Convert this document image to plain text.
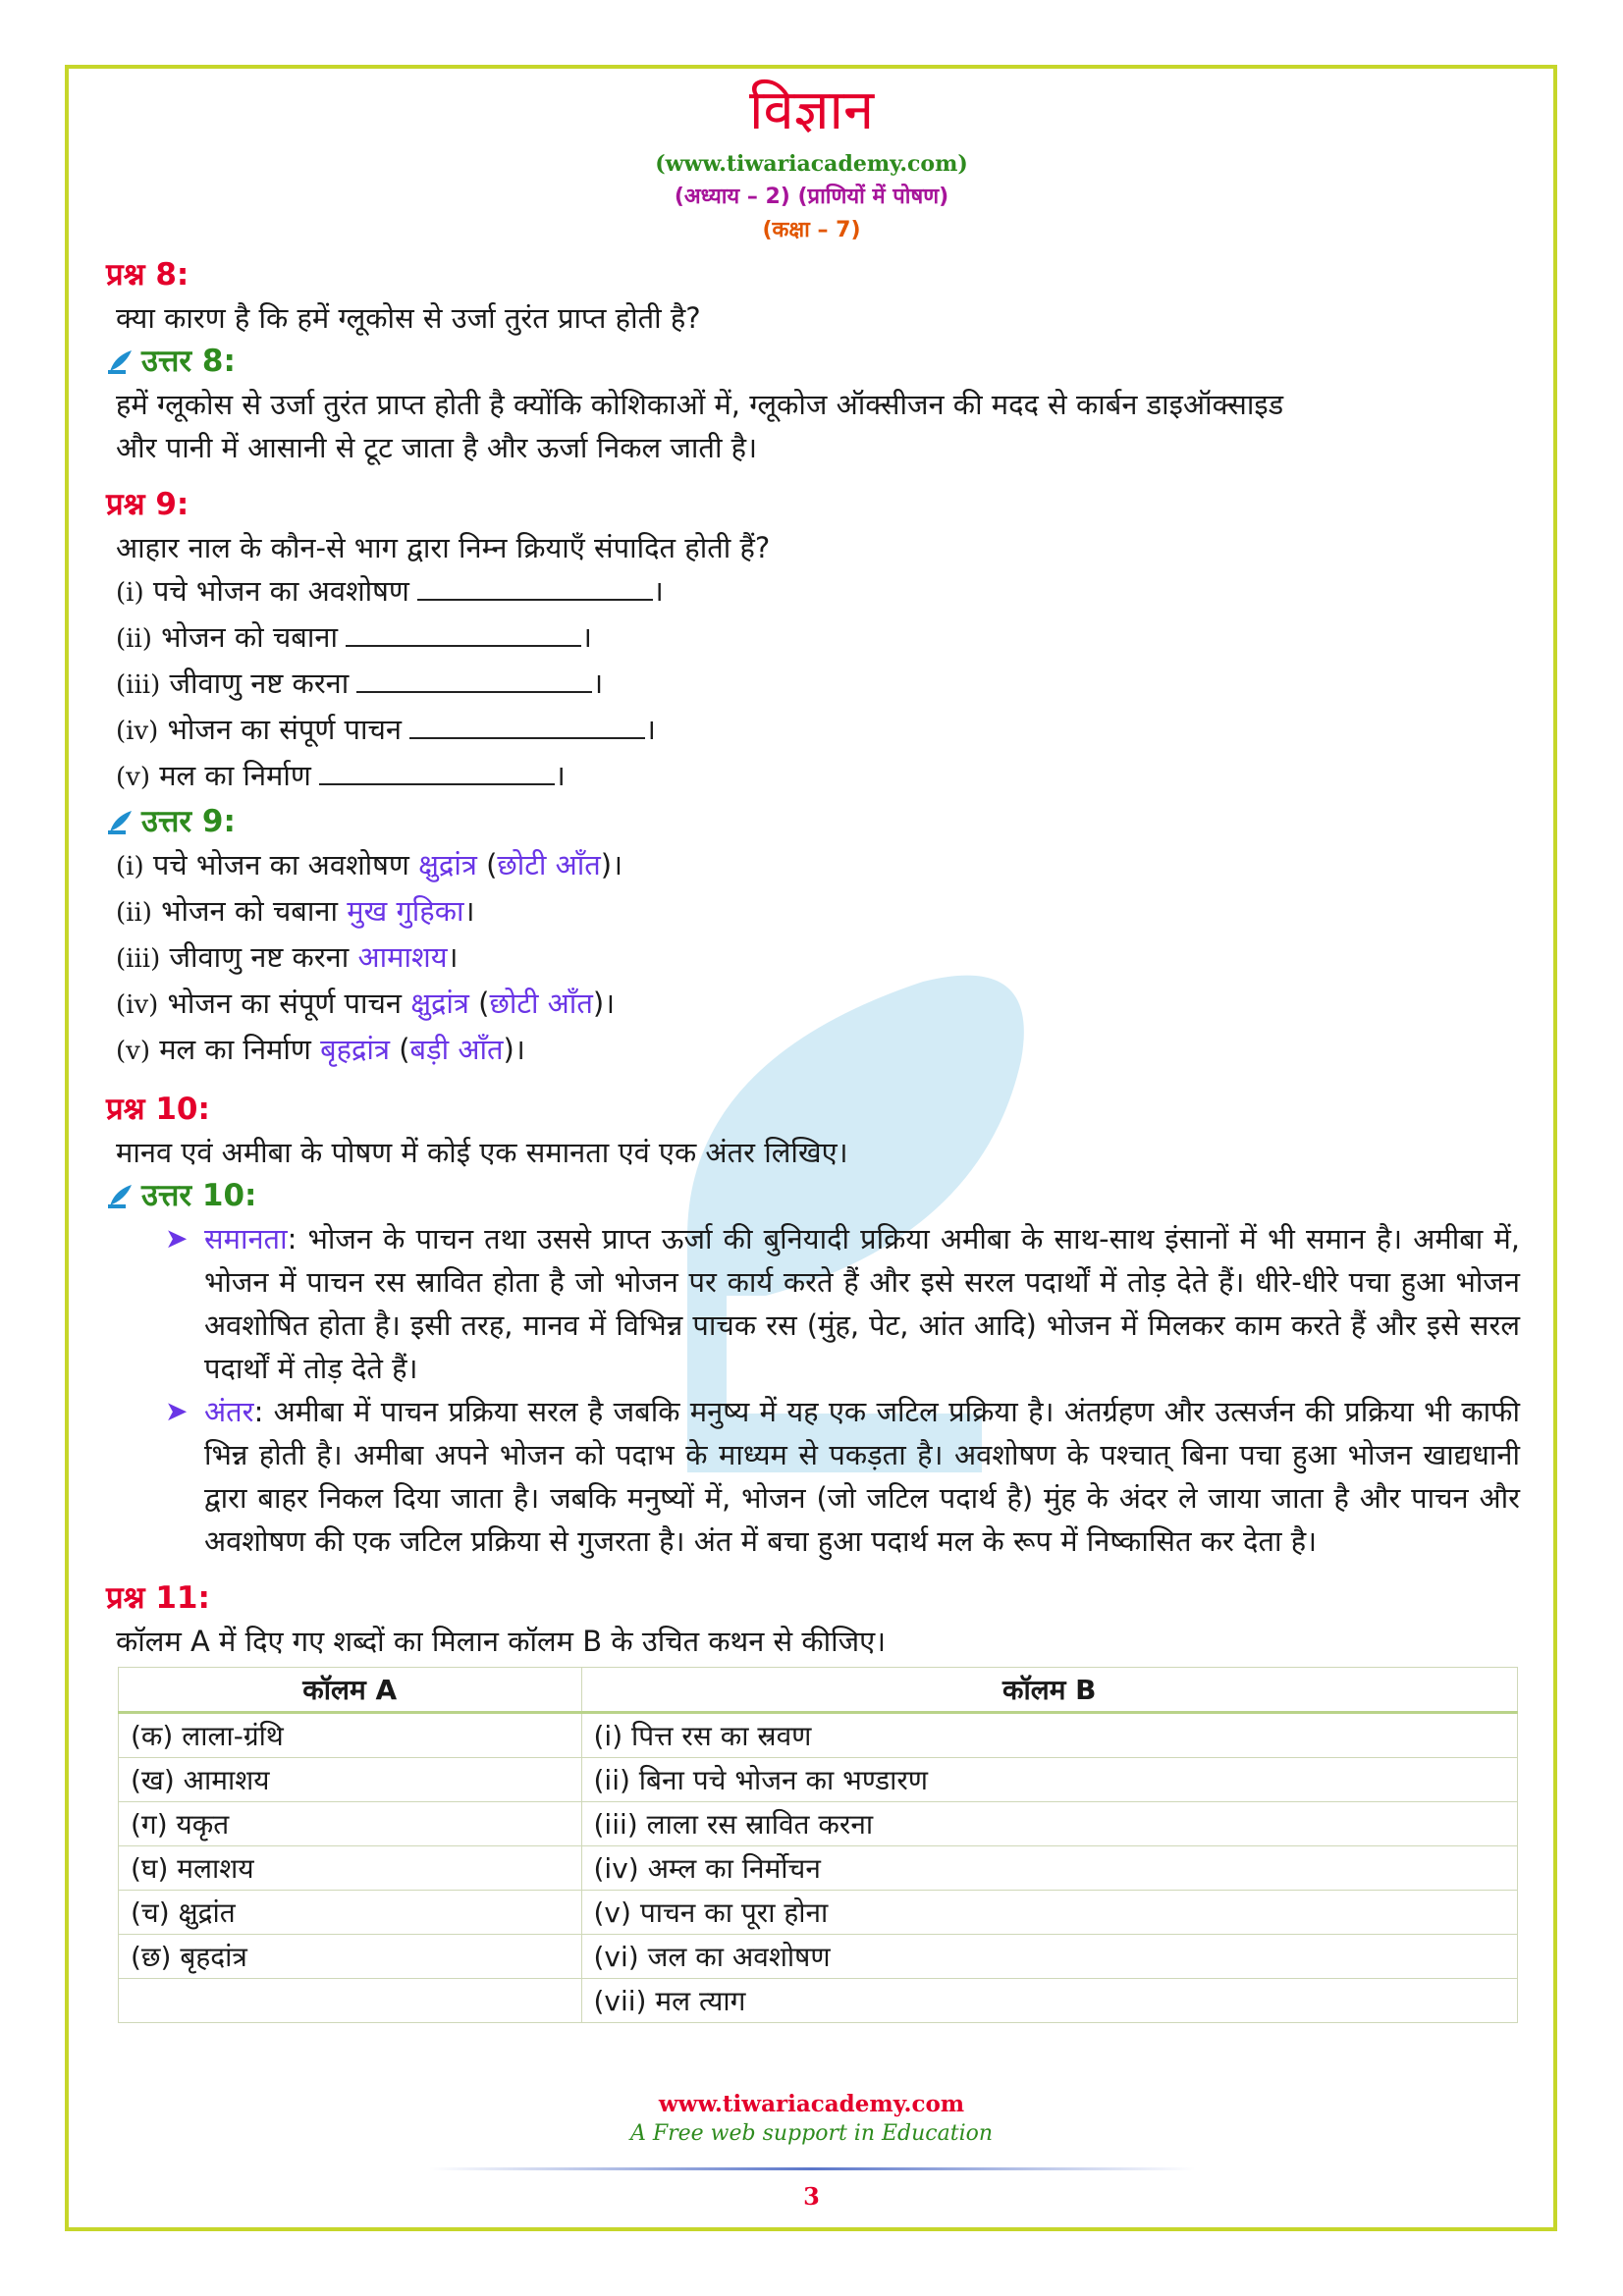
विज्ञान
(www.tiwariacademy.com)
(अध्याय – 2) (प्राणियों में पोषण)
(कक्षा – 7)
प्रश्न 8:
क्या कारण है कि हमें ग्लूकोस से उर्जा तुरंत प्राप्त होती है?
उत्तर 8:
हमें ग्लूकोस से उर्जा तुरंत प्राप्त होती है क्योंकि कोशिकाओं में, ग्लूकोज ऑक्सीजन की मदद से कार्बन डाइऑक्साइड
और पानी में आसानी से टूट जाता है और ऊर्जा निकल जाती है।
प्रश्न 9:
आहार नाल के कौन-से भाग द्वारा निम्न क्रियाएँ संपादित होती हैं?
(i) पचे भोजन का अवशोषण	।
(ii) भोजन को चबाना	।
(iii) जीवाणु नष्ट करना	।
(iv) भोजन का संपूर्ण पाचन	।
(v) मल का निर्माण	।
उत्तर 9:
(i) पचे भोजन का अवशोषण क्षुद्रांत्र (छोटी आँत)।
(ii) भोजन को चबाना मुख गुहिका।
(iii) जीवाणु नष्ट करना आमाशय।
(iv) भोजन का संपूर्ण पाचन क्षुद्रांत्र (छोटी आँत)।
(v) मल का निर्माण बृहद्रांत्र (बड़ी आँत)।
प्रश्न 10:
मानव एवं अमीबा के पोषण में कोई एक समानता एवं एक अंतर लिखिए।
उत्तर 10:
➤ समानता: भोजन के पाचन तथा उससे प्राप्त ऊर्जा की बुनियादी प्रक्रिया अमीबा के साथ-साथ इंसानों में भी समान है। अमीबा में, भोजन में पाचन रस स्रावित होता है जो भोजन पर कार्य करते हैं और इसे सरल पदार्थों में तोड़ देते हैं। धीरे-धीरे पचा हुआ भोजन अवशोषित होता है। इसी तरह, मानव में विभिन्न पाचक रस (मुंह, पेट, आंत आदि) भोजन में मिलकर काम करते हैं और इसे सरल पदार्थों में तोड़ देते हैं।
➤ अंतर: अमीबा में पाचन प्रक्रिया सरल है जबकि मनुष्य में यह एक जटिल प्रक्रिया है। अंतर्ग्रहण और उत्सर्जन की प्रक्रिया भी काफी भिन्न होती है। अमीबा अपने भोजन को पदाभ के माध्यम से पकड़ता है। अवशोषण के पश्चात् बिना पचा हुआ भोजन खाद्यधानी द्वारा बाहर निकल दिया जाता है। जबकि मनुष्यों में, भोजन (जो जटिल पदार्थ है) मुंह के अंदर ले जाया जाता है और पाचन और अवशोषण की एक जटिल प्रक्रिया से गुजरता है। अंत में बचा हुआ पदार्थ मल के रूप में निष्कासित कर देता है।
प्रश्न 11:
कॉलम A में दिए गए शब्दों का मिलान कॉलम B के उचित कथन से कीजिए।
कॉलम A	कॉलम B
(क) लाला-ग्रंथि	(i) पित्त रस का स्रवण
(ख) आमाशय	(ii) बिना पचे भोजन का भण्डारण
(ग) यकृत	(iii) लाला रस स्रावित करना
(घ) मलाशय	(iv) अम्ल का निर्मोचन
(च) क्षुद्रांत	(v) पाचन का पूरा होना
(छ) बृहदांत्र	(vi) जल का अवशोषण
	(vii) मल त्याग
www.tiwariacademy.com
A Free web support in Education
3
